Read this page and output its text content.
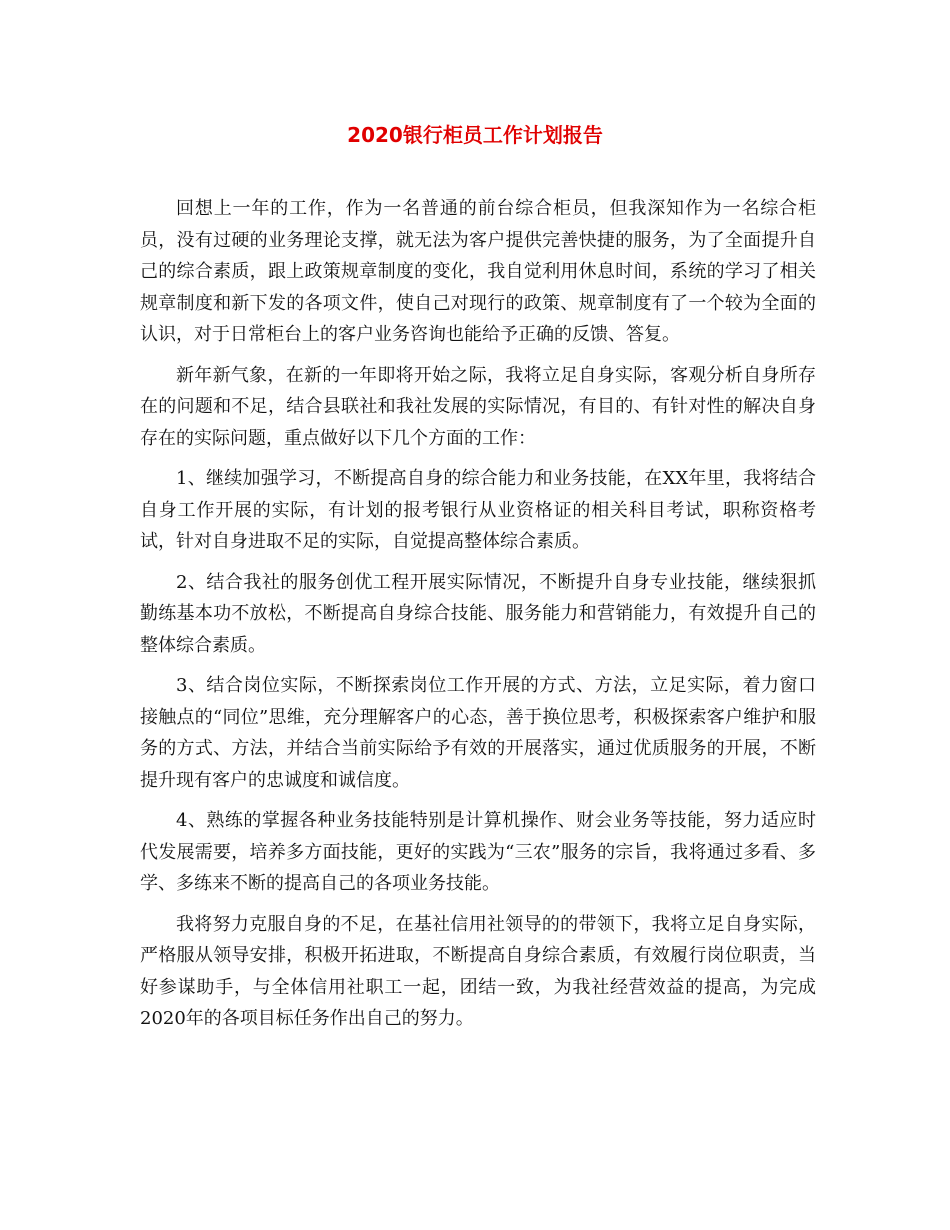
2020银行柜员工作计划报告

回想上一年的工作，作为一名普通的前台综合柜员，但我深知作为一名综合柜员，没有过硬的业务理论支撑，就无法为客户提供完善快捷的服务，为了全面提升自己的综合素质，跟上政策规章制度的变化，我自觉利用休息时间，系统的学习了相关规章制度和新下发的各项文件，使自己对现行的政策、规章制度有了一个较为全面的认识，对于日常柜台上的客户业务咨询也能给予正确的反馈、答复。

新年新气象，在新的一年即将开始之际，我将立足自身实际，客观分析自身所存在的问题和不足，结合县联社和我社发展的实际情况，有目的、有针对性的解决自身存在的实际问题，重点做好以下几个方面的工作：

1、继续加强学习，不断提高自身的综合能力和业务技能，在XX年里，我将结合自身工作开展的实际，有计划的报考银行从业资格证的相关科目考试，职称资格考试，针对自身进取不足的实际，自觉提高整体综合素质。

2、结合我社的服务创优工程开展实际情况，不断提升自身专业技能，继续狠抓勤练基本功不放松，不断提高自身综合技能、服务能力和营销能力，有效提升自己的整体综合素质。

3、结合岗位实际，不断探索岗位工作开展的方式、方法，立足实际，着力窗口接触点的“同位”思维，充分理解客户的心态，善于换位思考，积极探索客户维护和服务的方式、方法，并结合当前实际给予有效的开展落实，通过优质服务的开展，不断提升现有客户的忠诚度和诚信度。

4、熟练的掌握各种业务技能特别是计算机操作、财会业务等技能，努力适应时代发展需要，培养多方面技能，更好的实践为“三农”服务的宗旨，我将通过多看、多学、多练来不断的提高自己的各项业务技能。

我将努力克服自身的不足，在基社信用社领导的的带领下，我将立足自身实际，严格服从领导安排，积极开拓进取，不断提高自身综合素质，有效履行岗位职责，当好参谋助手，与全体信用社职工一起，团结一致，为我社经营效益的提高，为完成2020年的各项目标任务作出自己的努力。
